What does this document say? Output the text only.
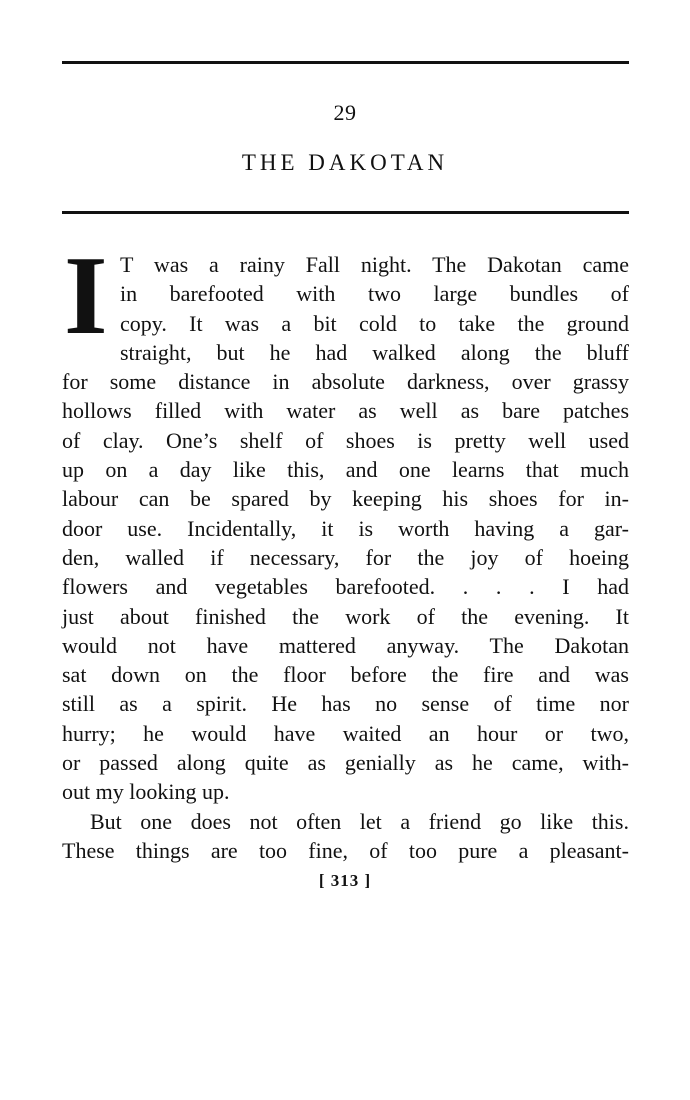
29
THE DAKOTAN
I T was a rainy Fall night. The Dakotan came
in barefooted with two large bundles of
copy. It was a bit cold to take the ground
straight, but he had walked along the bluff
for some distance in absolute darkness, over grassy
hollows filled with water as well as bare patches
of clay. One’s shelf of shoes is pretty well used
up on a day like this, and one learns that much
labour can be spared by keeping his shoes for in-
door use. Incidentally, it is worth having a gar-
den, walled if necessary, for the joy of hoeing
flowers and vegetables barefooted. . . . I had
just about finished the work of the evening. It
would not have mattered anyway. The Dakotan
sat down on the floor before the fire and was
still as a spirit. He has no sense of time nor
hurry; he would have waited an hour or two,
or passed along quite as genially as he came, with-
out my looking up.
But one does not often let a friend go like this.
These things are too fine, of too pure a pleasant-
[ 313 ]
